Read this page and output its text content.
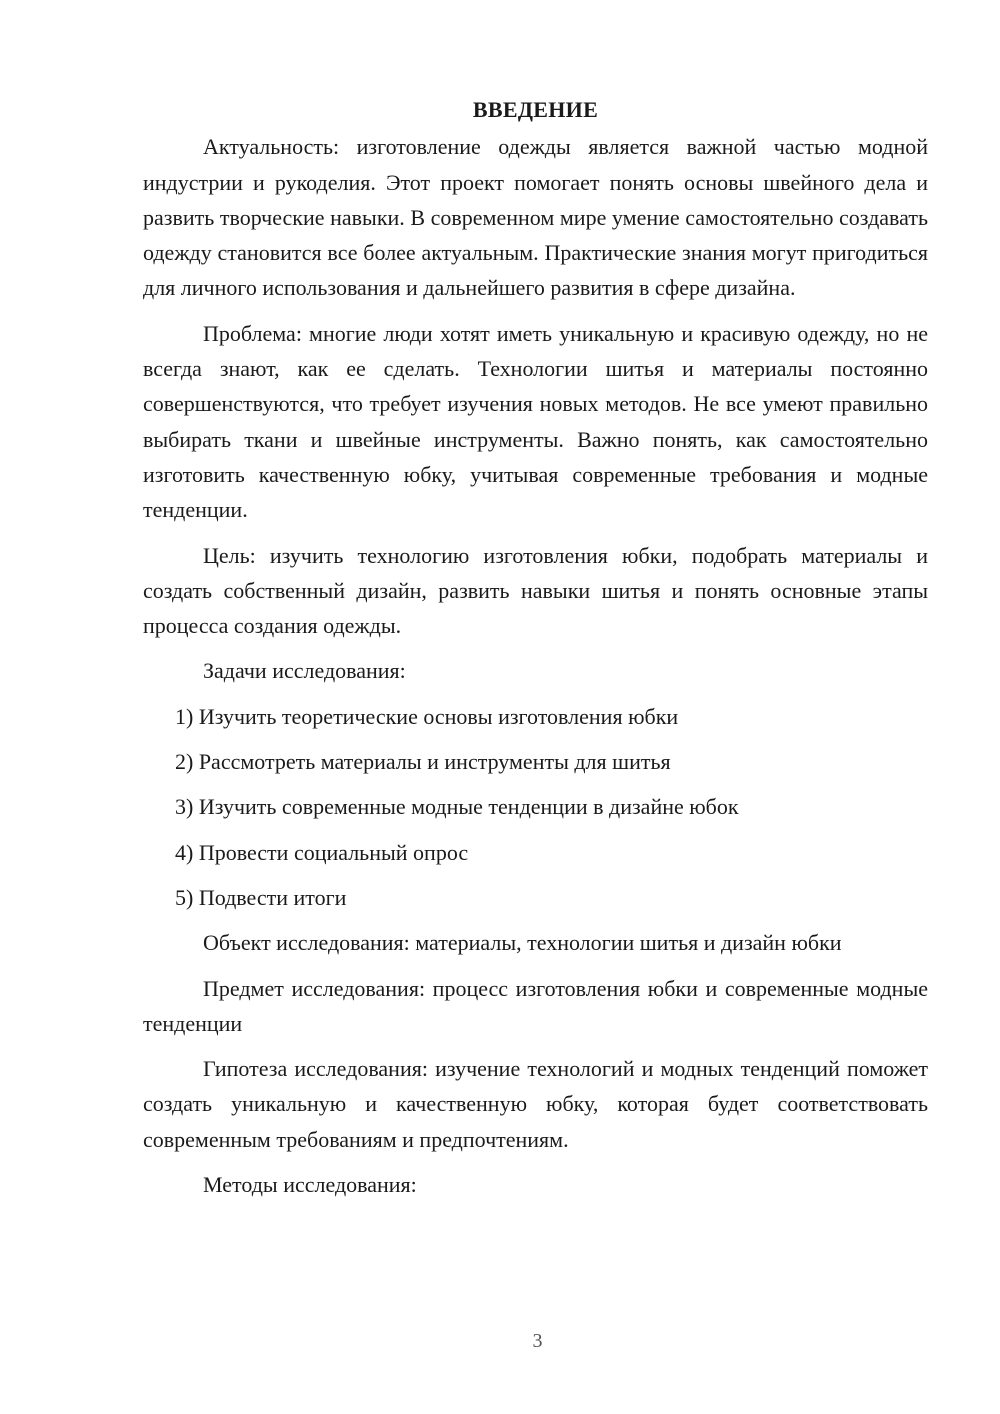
ВВЕДЕНИЕ

Актуальность: изготовление одежды является важной частью модной индустрии и рукоделия. Этот проект помогает понять основы швейного дела и развить творческие навыки. В современном мире умение самостоятельно создавать одежду становится все более актуальным. Практические знания могут пригодиться для личного использования и дальнейшего развития в сфере дизайна.

Проблема: многие люди хотят иметь уникальную и красивую одежду, но не всегда знают, как ее сделать. Технологии шитья и материалы постоянно совершенствуются, что требует изучения новых методов. Не все умеют правильно выбирать ткани и швейные инструменты. Важно понять, как самостоятельно изготовить качественную юбку, учитывая современные требования и модные тенденции.

Цель: изучить технологию изготовления юбки, подобрать материалы и создать собственный дизайн, развить навыки шитья и понять основные этапы процесса создания одежды.

Задачи исследования:

1) Изучить теоретические основы изготовления юбки
2) Рассмотреть материалы и инструменты для шитья
3) Изучить современные модные тенденции в дизайне юбок
4) Провести социальный опрос
5) Подвести итоги

Объект исследования: материалы, технологии шитья и дизайн юбки

Предмет исследования: процесс изготовления юбки и современные модные тенденции

Гипотеза исследования: изучение технологий и модных тенденций поможет создать уникальную и качественную юбку, которая будет соответствовать современным требованиям и предпочтениям.

Методы исследования:

3
